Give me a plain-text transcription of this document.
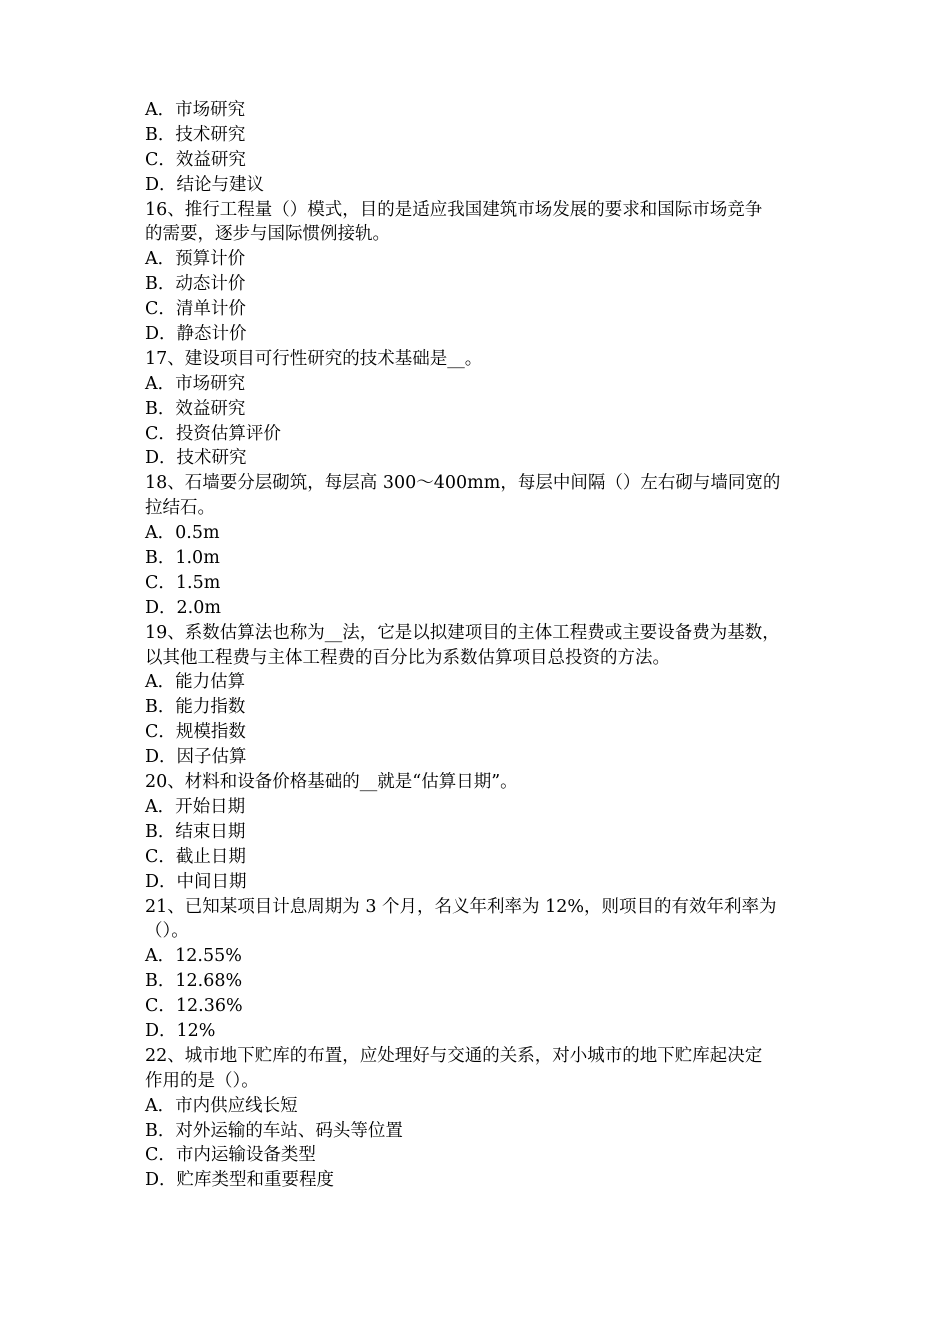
A．市场研究
B．技术研究
C．效益研究
D．结论与建议
16、推行工程量（）模式，目的是适应我国建筑市场发展的要求和国际市场竞争
的需要，逐步与国际惯例接轨。
A．预算计价
B．动态计价
C．清单计价
D．静态计价
17、建设项目可行性研究的技术基础是__。
A．市场研究
B．效益研究
C．投资估算评价
D．技术研究
18、石墙要分层砌筑，每层高 300～400mm，每层中间隔（）左右砌与墙同宽的
拉结石。
A．0.5m
B．1.0m
C．1.5m
D．2.0m
19、系数估算法也称为__法，它是以拟建项目的主体工程费或主要设备费为基数，
以其他工程费与主体工程费的百分比为系数估算项目总投资的方法。
A．能力估算
B．能力指数
C．规模指数
D．因子估算
20、材料和设备价格基础的__就是“估算日期”。
A．开始日期
B．结束日期
C．截止日期
D．中间日期
21、已知某项目计息周期为 3 个月，名义年利率为 12%，则项目的有效年利率为
（）。
A．12.55%
B．12.68%
C．12.36%
D．12%
22、城市地下贮库的布置，应处理好与交通的关系，对小城市的地下贮库起决定
作用的是（）。
A．市内供应线长短
B．对外运输的车站、码头等位置
C．市内运输设备类型
D．贮库类型和重要程度
